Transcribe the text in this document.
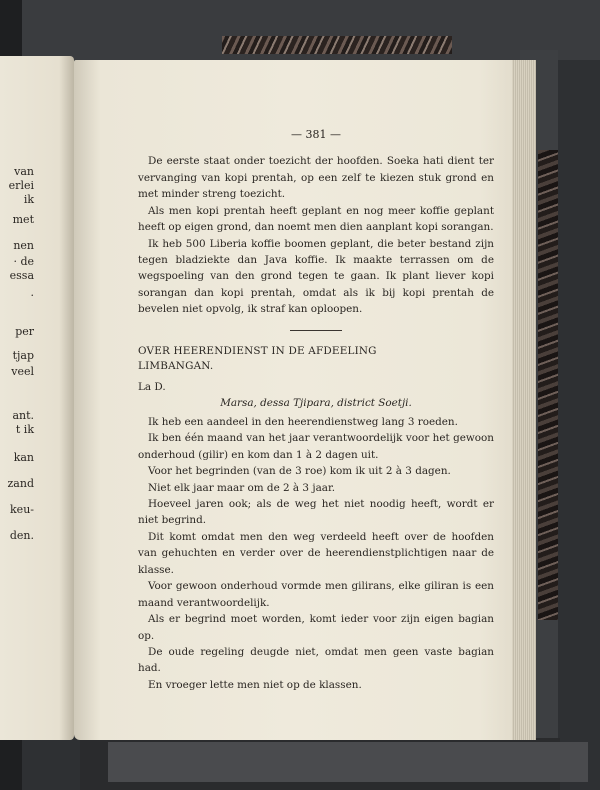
van
erlei
ik
met
nen
· de
essa
·
per
tjap
veel
ant.
t ik
kan
zand
keu-
den.
— 381 —

De eerste staat onder toezicht der hoofden. Soeka hati dient ter vervanging van kopi prentah, op een zelf te kiezen stuk grond en met minder streng toezicht.

Als men kopi prentah heeft geplant en nog meer koffie geplant heeft op eigen grond, dan noemt men dien aanplant kopi sorangan.

Ik heb 500 Liberia koffie boomen geplant, die beter bestand zijn tegen bladziekte dan Java koffie. Ik maakte terrassen om de wegspoeling van den grond tegen te gaan. Ik plant liever kopi sorangan dan kopi prentah, omdat als ik bij kopi prentah de bevelen niet opvolg, ik straf kan oploopen.

OVER HEERENDIENST IN DE AFDEELING
LIMBANGAN.

La D.
Marsa, dessa Tjipara, district Soetji.

Ik heb een aandeel in den heerendienstweg lang 3 roeden.

Ik ben één maand van het jaar verantwoordelijk voor het gewoon onderhoud (gilir) en kom dan 1 à 2 dagen uit.

Voor het begrinden (van de 3 roe) kom ik uit 2 à 3 dagen.

Niet elk jaar maar om de 2 à 3 jaar.

Hoeveel jaren ook; als de weg het niet noodig heeft, wordt er niet begrind.

Dit komt omdat men den weg verdeeld heeft over de hoofden van gehuchten en verder over de heerendienstplichtigen naar de klasse.

Voor gewoon onderhoud vormde men gilirans, elke giliran is een maand verantwoordelijk.

Als er begrind moet worden, komt ieder voor zijn eigen bagian op.

De oude regeling deugde niet, omdat men geen vaste bagian had.

En vroeger lette men niet op de klassen.
